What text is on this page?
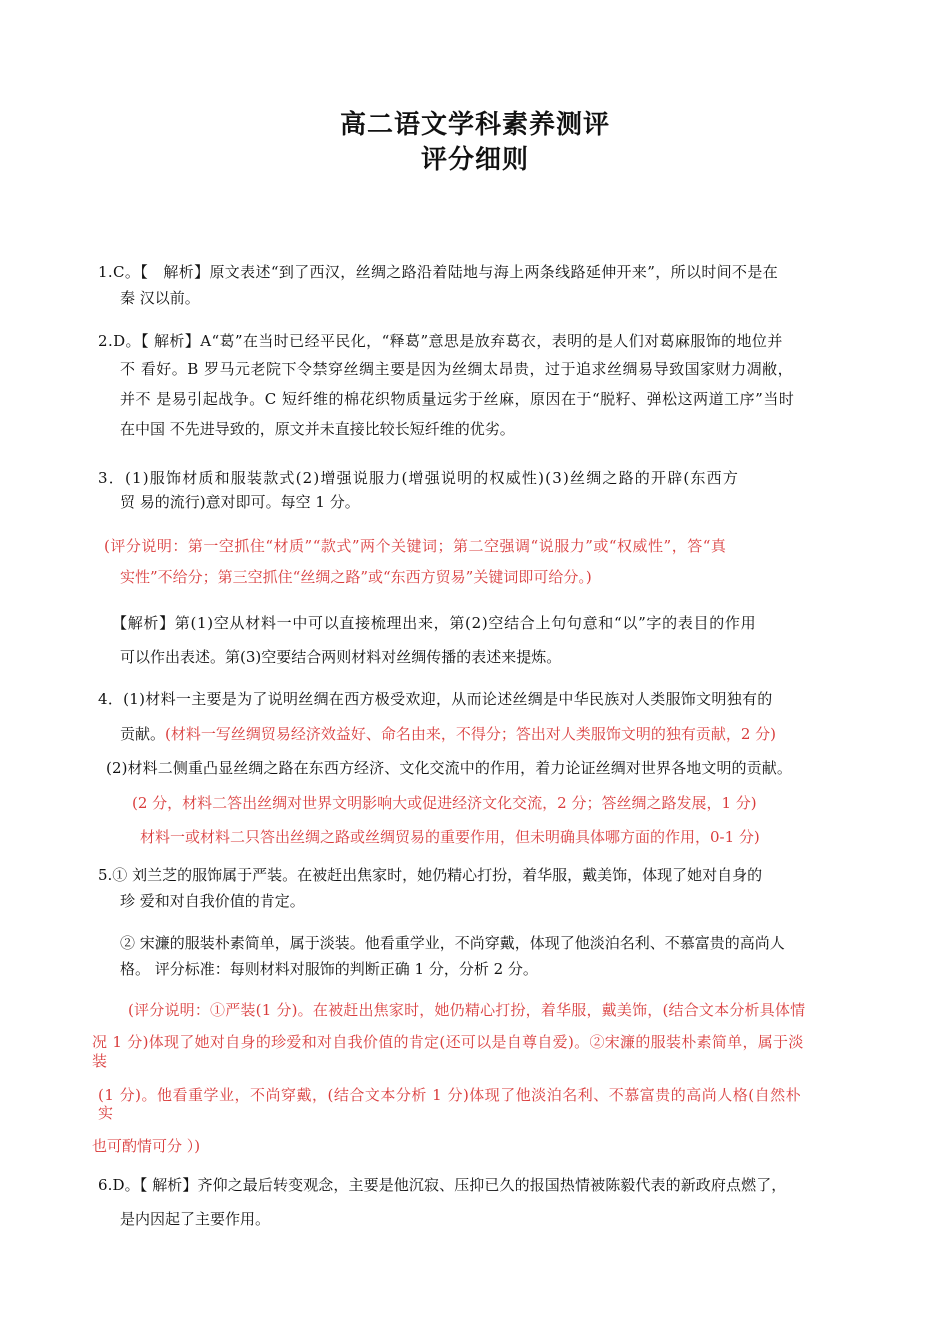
高二语文学科素养测评
评分细则
1.C。【　解析】原文表述“到了西汉，丝绸之路沿着陆地与海上两条线路延伸开来”，所以时间不是在
秦 汉以前。
2.D。【 解析】A“葛”在当时已经平民化，“释葛”意思是放弃葛衣，表明的是人们对葛麻服饰的地位并
不 看好。B 罗马元老院下令禁穿丝绸主要是因为丝绸太昂贵，过于追求丝绸易导致国家财力凋敝，
并不 是易引起战争。C 短纤维的棉花织物质量远劣于丝麻，原因在于“脱籽、弹松这两道工序”当时
在中国 不先进导致的，原文并未直接比较长短纤维的优劣。
3．(1)服饰材质和服装款式(2)增强说服力(增强说明的权威性)(3)丝绸之路的开辟(东西方
贸 易的流行)意对即可。每空 1 分。
(评分说明：第一空抓住“材质”“款式”两个关键词；第二空强调“说服力”或“权威性”，答“真
实性”不给分；第三空抓住“丝绸之路”或“东西方贸易”关键词即可给分。)
【解析】第(1)空从材料一中可以直接梳理出来，第(2)空结合上句句意和“以”字的表目的作用
可以作出表述。第(3)空要结合两则材料对丝绸传播的表述来提炼。
4．(1)材料一主要是为了说明丝绸在西方极受欢迎，从而论述丝绸是中华民族对人类服饰文明独有的
贡献。(材料一写丝绸贸易经济效益好、命名由来，不得分；答出对人类服饰文明的独有贡献，2 分)
(2)材料二侧重凸显丝绸之路在东西方经济、文化交流中的作用，着力论证丝绸对世界各地文明的贡献。
(2 分，材料二答出丝绸对世界文明影响大或促进经济文化交流，2 分；答丝绸之路发展，1 分)
材料一或材料二只答出丝绸之路或丝绸贸易的重要作用，但未明确具体哪方面的作用，0-1 分)
5.① 刘兰芝的服饰属于严装。在被赶出焦家时，她仍精心打扮，着华服，戴美饰，体现了她对自身的
珍 爱和对自我价值的肯定。
② 宋濂的服装朴素简单，属于淡装。他看重学业，不尚穿戴，体现了他淡泊名利、不慕富贵的高尚人
格。 评分标准：每则材料对服饰的判断正确 1 分，分析 2 分。
(评分说明：①严装(1 分)。在被赶出焦家时，她仍精心打扮，着华服，戴美饰，(结合文本分析具体情
况 1 分)体现了她对自身的珍爱和对自我价值的肯定(还可以是自尊自爱)。②宋濂的服装朴素简单，属于淡
装
(1 分)。他看重学业，不尚穿戴，(结合文本分析 1 分)体现了他淡泊名利、不慕富贵的高尚人格(自然朴
实
也可酌情可分 ）)
6.D。【 解析】齐仰之最后转变观念，主要是他沉寂、压抑已久的报国热情被陈毅代表的新政府点燃了，
是内因起了主要作用。
